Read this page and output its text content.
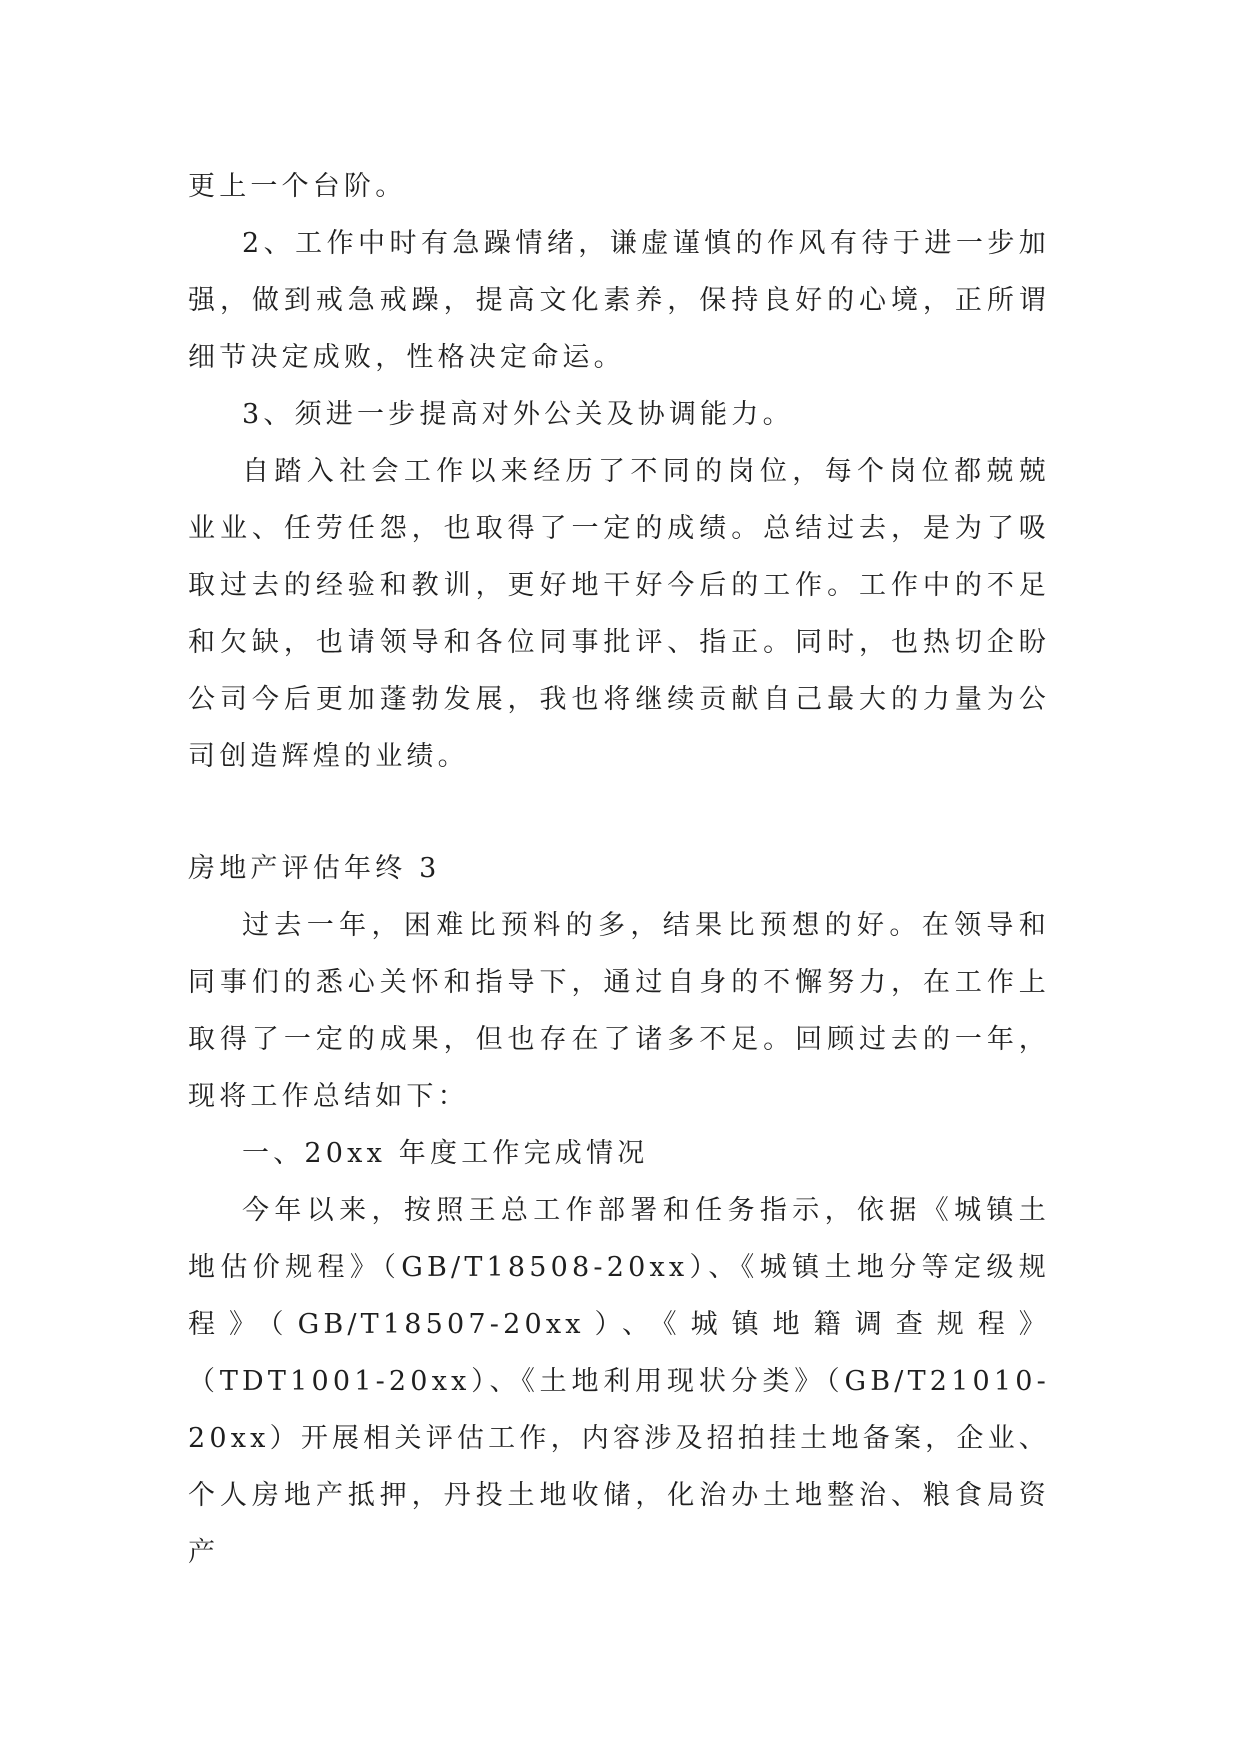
更上一个台阶。

2、工作中时有急躁情绪，谦虚谨慎的作风有待于进一步加强，做到戒急戒躁，提高文化素养，保持良好的心境，正所谓细节决定成败，性格决定命运。

3、须进一步提高对外公关及协调能力。

自踏入社会工作以来经历了不同的岗位，每个岗位都兢兢业业、任劳任怨，也取得了一定的成绩。总结过去，是为了吸取过去的经验和教训，更好地干好今后的工作。工作中的不足和欠缺，也请领导和各位同事批评、指正。同时，也热切企盼公司今后更加蓬勃发展，我也将继续贡献自己最大的力量为公司创造辉煌的业绩。

房地产评估年终 3

过去一年，困难比预料的多，结果比预想的好。在领导和同事们的悉心关怀和指导下，通过自身的不懈努力，在工作上取得了一定的成果，但也存在了诸多不足。回顾过去的一年，现将工作总结如下：

一、20xx 年度工作完成情况

今年以来，按照王总工作部署和任务指示，依据《城镇土地估价规程》（GB/T18508-20xx）、《城镇土地分等定级规程》（GB/T18507-20xx）、《城镇地籍调查规程》（TDT1001-20xx）、《土地利用现状分类》（GB/T21010-20xx）开展相关评估工作，内容涉及招拍挂土地备案，企业、个人房地产抵押，丹投土地收储，化治办土地整治、粮食局资产
